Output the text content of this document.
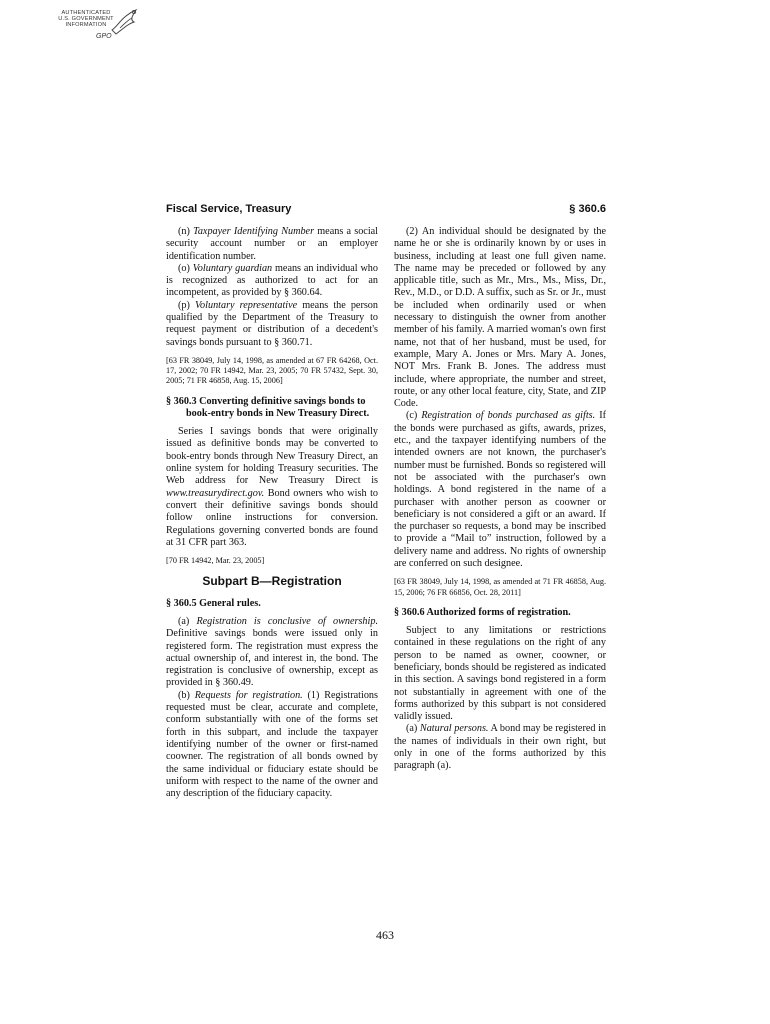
AUTHENTICATED
U.S. GOVERNMENT
INFORMATION
GPO
Fiscal Service, Treasury	§ 360.6

(n) Taxpayer Identifying Number means a social security account number or an employer identification number.

(o) Voluntary guardian means an individual who is recognized as authorized to act for an incompetent, as provided by § 360.64.

(p) Voluntary representative means the person qualified by the Department of the Treasury to request payment or distribution of a decedent's savings bonds pursuant to § 360.71.

[63 FR 38049, July 14, 1998, as amended at 67 FR 64268, Oct. 17, 2002; 70 FR 14942, Mar. 23, 2005; 70 FR 57432, Sept. 30, 2005; 71 FR 46858, Aug. 15, 2006]

§ 360.3 Converting definitive savings bonds to book-entry bonds in New Treasury Direct.

Series I savings bonds that were originally issued as definitive bonds may be converted to book-entry bonds through New Treasury Direct, an online system for holding Treasury securities. The Web address for New Treasury Direct is www.treasurydirect.gov. Bond owners who wish to convert their definitive savings bonds should follow online instructions for conversion. Regulations governing converted bonds are found at 31 CFR part 363.

[70 FR 14942, Mar. 23, 2005]

Subpart B—Registration
§ 360.5 General rules.

(a) Registration is conclusive of ownership. Definitive savings bonds were issued only in registered form. The registration must express the actual ownership of, and interest in, the bond. The registration is conclusive of ownership, except as provided in § 360.49.

(b) Requests for registration. (1) Registrations requested must be clear, accurate and complete, conform substantially with one of the forms set forth in this subpart, and include the taxpayer identifying number of the owner or first-named coowner. The registration of all bonds owned by the same individual or fiduciary estate should be uniform with respect to the name of the owner and any description of the fiduciary capacity.

(2) An individual should be designated by the name he or she is ordinarily known by or uses in business, including at least one full given name. The name may be preceded or followed by any applicable title, such as Mr., Mrs., Ms., Miss, Dr., Rev., M.D., or D.D. A suffix, such as Sr. or Jr., must be included when ordinarily used or when necessary to distinguish the owner from another member of his family. A married woman's own first name, not that of her husband, must be used, for example, Mary A. Jones or Mrs. Mary A. Jones, NOT Mrs. Frank B. Jones. The address must include, where appropriate, the number and street, route, or any other local feature, city, State, and ZIP Code.

(c) Registration of bonds purchased as gifts. If the bonds were purchased as gifts, awards, prizes, etc., and the taxpayer identifying numbers of the intended owners are not known, the purchaser's number must be furnished. Bonds so registered will not be associated with the purchaser's own holdings. A bond registered in the name of a purchaser with another person as coowner or beneficiary is not considered a gift or an award. If the purchaser so requests, a bond may be inscribed to provide a “Mail to” instruction, followed by a delivery name and address. No rights of ownership are conferred on such designee.

[63 FR 38049, July 14, 1998, as amended at 71 FR 46858, Aug. 15, 2006; 76 FR 66856, Oct. 28, 2011]

§ 360.6 Authorized forms of registration.

Subject to any limitations or restrictions contained in these regulations on the right of any person to be named as owner, coowner, or beneficiary, bonds should be registered as indicated in this section. A savings bond registered in a form not substantially in agreement with one of the forms authorized by this subpart is not considered validly issued.

(a) Natural persons. A bond may be registered in the names of individuals in their own right, but only in one of the forms authorized by this paragraph (a).

463
